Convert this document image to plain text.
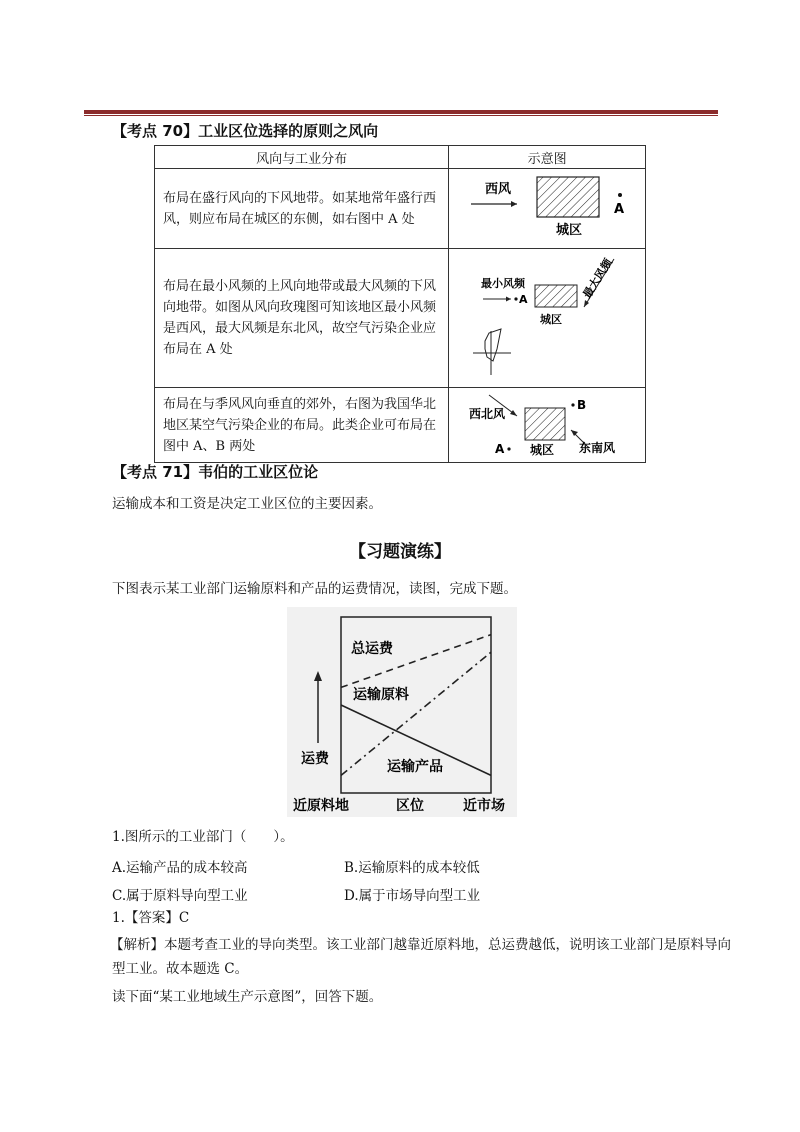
【考点 70】工业区位选择的原则之风向
风向与工业分布	示意图
布局在盛行风向的下风地带。如某地常年盛行西风，则应布局在城区的东侧，如右图中 A 处	西风
A
城区

布局在最小风频的上风向地带或最大风频的下风向地带。如图从风向玫瑰图可知该地区最小风频是西风，最大风频是东北风，故空气污染企业应布局在 A 处	最小风频
A
城区
最大风频

布局在与季风风向垂直的郊外，右图为我国华北地区某空气污染企业的布局。此类企业可布局在图中 A、B 两处	西北风
城区
A
B
东南风
【考点 71】韦伯的工业区位论
运输成本和工资是决定工业区位的主要因素。
【习题演练】
下图表示某工业部门运输原料和产品的运费情况，读图，完成下题。
运费
近原料地	区位	近市场
总运费
运输原料
运输产品
1.图所示的工业部门（　　）。
A.运输产品的成本较高	B.运输原料的成本较低
C.属于原料导向型工业	D.属于市场导向型工业
1.【答案】C
【解析】本题考查工业的导向类型。该工业部门越靠近原料地，总运费越低，说明该工业部门是原料导向型工业。故本题选 C。
读下面“某工业地域生产示意图”，回答下题。
